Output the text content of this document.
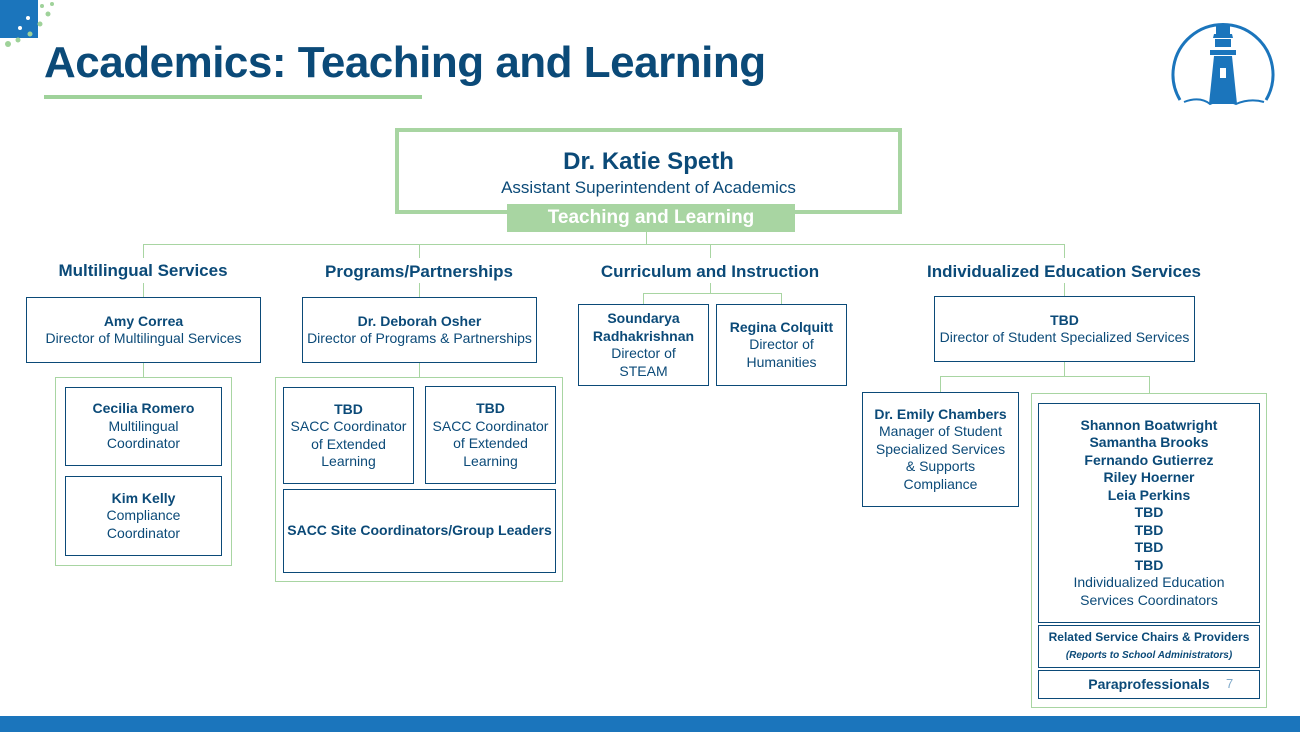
Academics: Teaching and Learning
Dr. Katie Speth
Assistant Superintendent of Academics
Teaching and Learning
Multilingual Services	Programs/Partnerships	Curriculum and Instruction	Individualized Education Services
Amy Correa
Director of Multilingual Services
Cecilia Romero
Multilingual Coordinator
Kim Kelly
Compliance Coordinator
Dr. Deborah Osher
Director of Programs & Partnerships
TBD
SACC Coordinator of Extended Learning
TBD
SACC Coordinator of Extended Learning
SACC Site Coordinators/Group Leaders
Soundarya Radhakrishnan
Director of STEAM
Regina Colquitt
Director of Humanities
TBD
Director of Student Specialized Services
Dr. Emily Chambers
Manager of Student Specialized Services & Supports Compliance
Shannon Boatwright
Samantha Brooks
Fernando Gutierrez
Riley Hoerner
Leia Perkins
TBD
TBD
TBD
TBD
Individualized Education Services Coordinators
Related Service Chairs & Providers
(Reports to School Administrators)
Paraprofessionals 7
